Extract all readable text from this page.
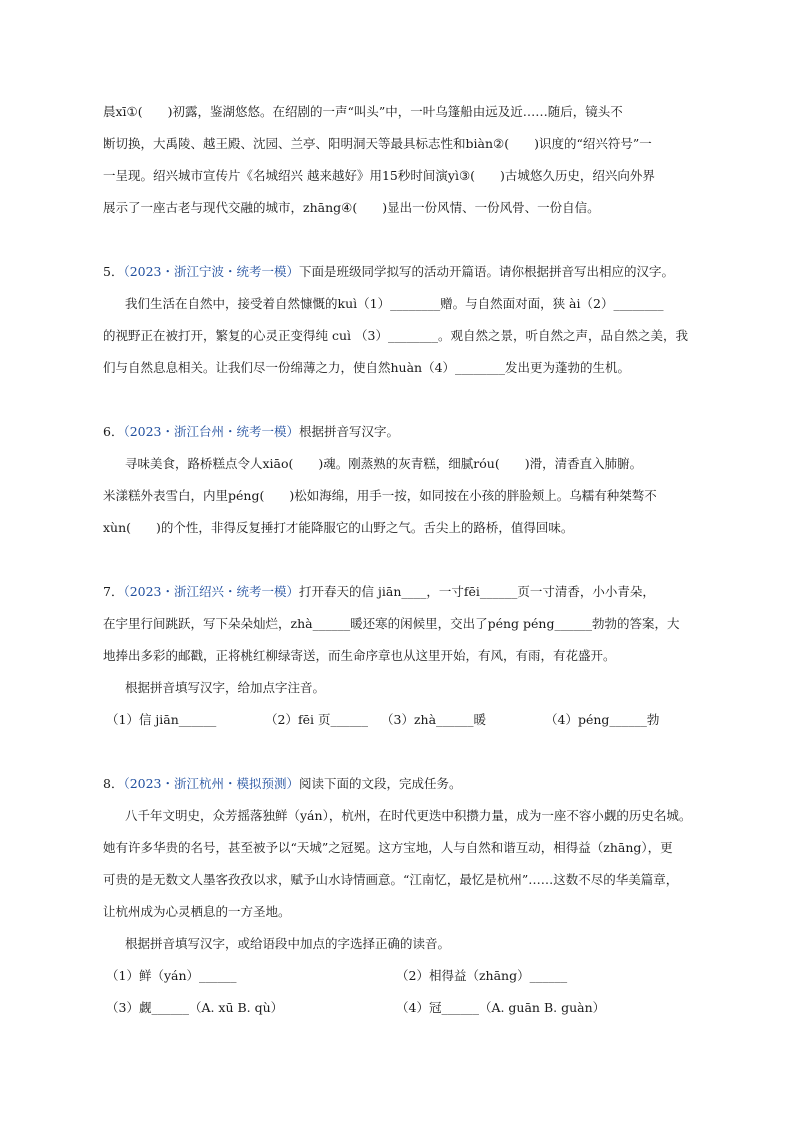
晨xī①(　　)初露，鉴湖悠悠。在绍剧的一声“叫头”中，一叶乌篷船由远及近……随后，镜头不
断切换，大禹陵、越王殿、沈园、兰亭、阳明洞天等最具标志性和biàn②(　　)识度的“绍兴符号”一
一呈现。绍兴城市宣传片《名城绍兴 越来越好》用15秒时间演yì③(　　)古城悠久历史，绍兴向外界
展示了一座古老与现代交融的城市，zhāng④(　　)显出一份风情、一份风骨、一份自信。
5．（2023・浙江宁波・统考一模）下面是班级同学拟写的活动开篇语。请你根据拼音写出相应的汉字。
我们生活在自然中，接受着自然慷慨的kuì（1）________赠。与自然面对面，狭 ài（2）________
的视野正在被打开，繁复的心灵正变得纯 cuì （3）________。观自然之景，听自然之声，品自然之美，我
们与自然息息相关。让我们尽一份绵薄之力，使自然huàn（4）________发出更为蓬勃的生机。
6．（2023・浙江台州・统考一模）根据拼音写汉字。
寻味美食，路桥糕点令人xiāo(　　)魂。刚蒸熟的灰青糕，细腻róu(　　)滑，清香直入肺腑。
米漾糕外表雪白，内里péng(　　)松如海绵，用手一按，如同按在小孩的胖脸颊上。乌糯有种桀骜不
xùn(　　)的个性，非得反复捶打才能降服它的山野之气。舌尖上的路桥，值得回味。
7．（2023・浙江绍兴・统考一模）打开春天的信 jiān____，一寸fēi______页一寸清香，小小青朵，
在宇里行间跳跃，写下朵朵灿烂，zhà______暖还寒的闲候里，交出了péng péng______勃勃的答案，大
地捧出多彩的邮戳，正将桃红柳绿寄送，而生命序章也从这里开始，有风，有雨，有花盛开。
根据拼音填写汉字，给加点字注音。
（1）信 jiān______	（2）fēi 页______ （3）zhà______暖	（4）péng______勃
8．（2023・浙江杭州・模拟预测）阅读下面的文段，完成任务。
八千年文明史，众芳摇落独鲜（yán），杭州，在时代更迭中积攒力量，成为一座不容小觑的历史名城。
她有许多华贵的名号，甚至被予以“天城”之冠冕。这方宝地，人与自然和谐互动，相得益（zhāng），更
可贵的是无数文人墨客孜孜以求，赋予山水诗情画意。“江南忆，最忆是杭州”……这数不尽的华美篇章，
让杭州成为心灵栖息的一方圣地。
根据拼音填写汉字，或给语段中加点的字选择正确的读音。
（1）鲜（yán）______	（2）相得益（zhāng）______
（3）觑______（A. xū B. qù）	（4）冠______（A. guān B. guàn）
